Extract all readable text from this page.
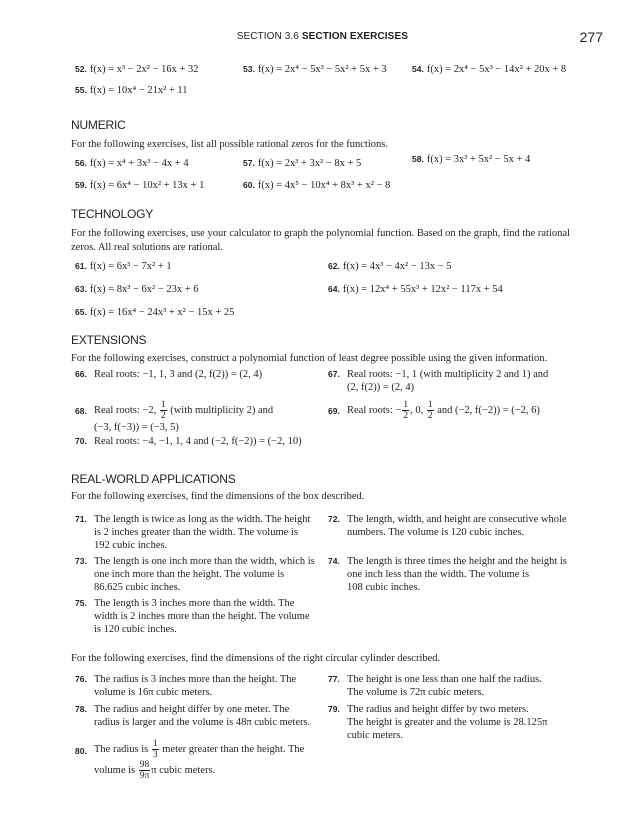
SECTION 3.6 SECTION EXERCISES	277
52. f(x) = x³ − 2x² − 16x + 32	53. f(x) = 2x⁴ − 5x³ − 5x² + 5x + 3	54. f(x) = 2x⁴ − 5x³ − 14x² + 20x + 8
55. f(x) = 10x⁴ − 21x² + 11
NUMERIC
For the following exercises, list all possible rational zeros for the functions.
56. f(x) = x⁴ + 3x³ − 4x + 4	57. f(x) = 2x³ + 3x² − 8x + 5	58. f(x) = 3x³ + 5x² − 5x + 4
59. f(x) = 6x⁴ − 10x² + 13x + 1	60. f(x) = 4x⁵ − 10x⁴ + 8x³ + x² − 8
TECHNOLOGY
For the following exercises, use your calculator to graph the polynomial function. Based on the graph, find the rational zeros. All real solutions are rational.
61. f(x) = 6x³ − 7x² + 1	62. f(x) = 4x³ − 4x² − 13x − 5
63. f(x) = 8x³ − 6x² − 23x + 6	64. f(x) = 12x⁴ + 55x³ + 12x² − 117x + 54
65. f(x) = 16x⁴ − 24x³ + x² − 15x + 25
EXTENSIONS
For the following exercises, construct a polynomial function of least degree possible using the given information.
66. Real roots: −1, 1, 3 and (2, f(2)) = (2, 4)	67. Real roots: −1, 1 (with multiplicity 2 and 1) and
(2, f(2)) = (2, 4)
68. Real roots: −2, $\frac{1}{2}$ (with multiplicity 2) and
(−3, f(−3)) = (−3, 5)
69. Real roots: − $\frac{1}{2}$ , 0, $\frac{1}{2}$ and (−2, f(−2)) = (−2, 6)
70. Real roots: −4, −1, 1, 4 and (−2, f(−2)) = (−2, 10)
REAL-WORLD APPLICATIONS
For the following exercises, find the dimensions of the box described.
71. The length is twice as long as the width. The height
is 2 inches greater than the width. The volume is
192 cubic inches.
72. The length, width, and height are consecutive whole
numbers. The volume is 120 cubic inches.
73. The length is one inch more than the width, which is
one inch more than the height. The volume is
86.625 cubic inches.
74. The length is three times the height and the height is
one inch less than the width. The volume is
108 cubic inches.
75. The length is 3 inches more than the width. The
width is 2 inches more than the height. The volume
is 120 cubic inches.
For the following exercises, find the dimensions of the right circular cylinder described.
76. The radius is 3 inches more than the height. The
volume is 16π cubic meters.
77. The height is one less than one half the radius.
The volume is 72π cubic meters.
78. The radius and height differ by one meter. The
radius is larger and the volume is 48π cubic meters.
79. The radius and height differ by two meters.
The height is greater and the volume is 28.125π
cubic meters.
80. The radius is $\frac{1}{3}$ meter greater than the height. The
volume is $\frac{98}{9\pi}$ π cubic meters.
